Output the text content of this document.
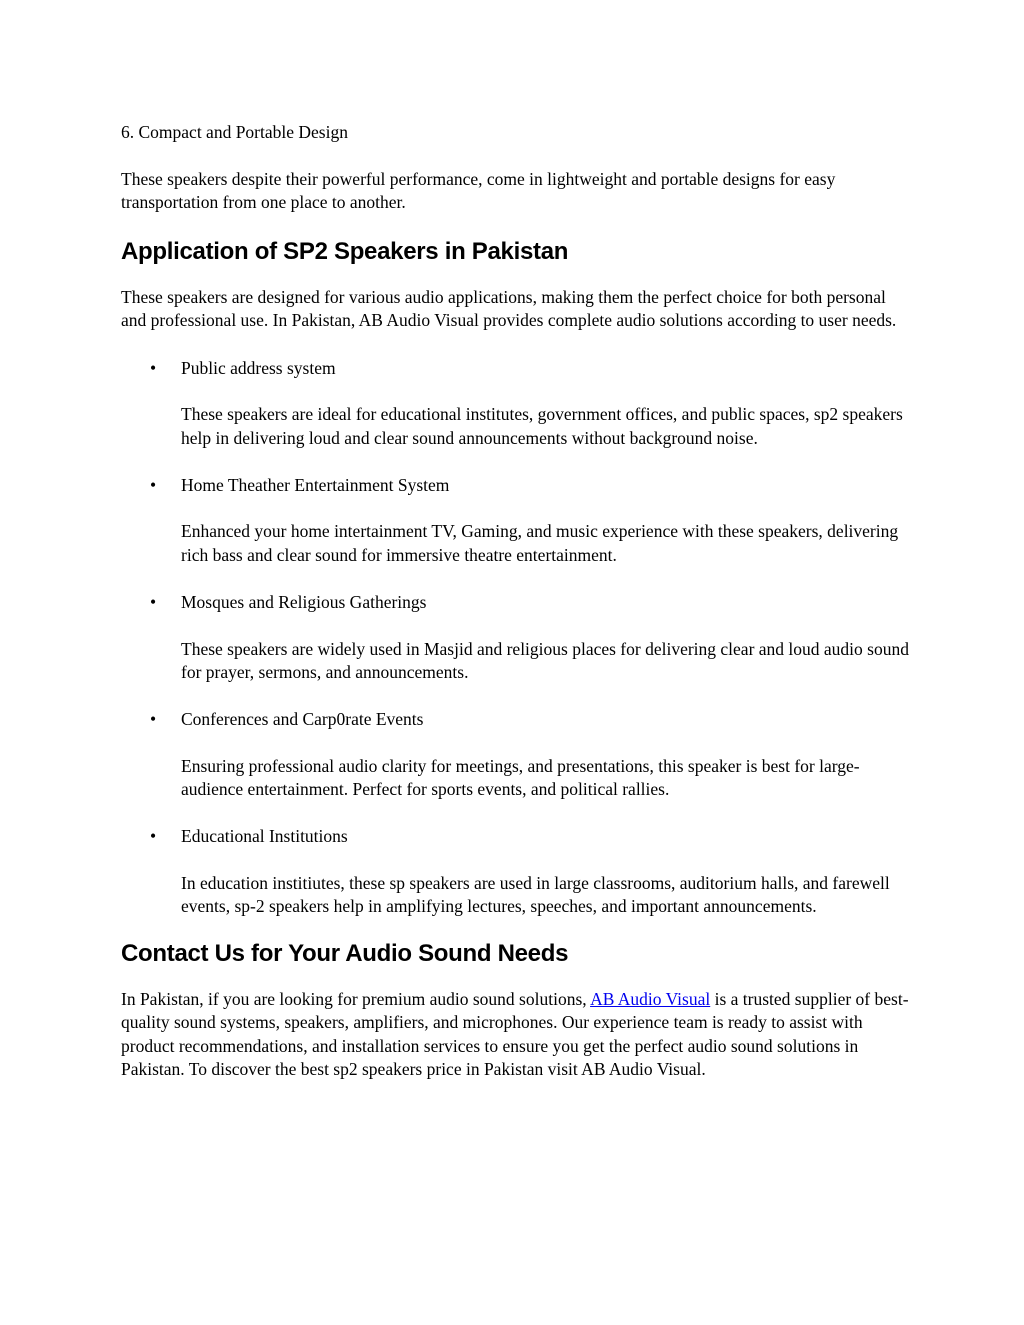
6. Compact and Portable Design

These speakers despite their powerful performance, come in lightweight and portable designs for easy transportation from one place to another.

Application of SP2 Speakers in Pakistan

These speakers are designed for various audio applications, making them the perfect choice for both personal and professional use. In Pakistan, AB Audio Visual provides complete audio solutions according to user needs.

• Public address system

These speakers are ideal for educational institutes, government offices, and public spaces, sp2 speakers help in delivering loud and clear sound announcements without background noise.

• Home Theather Entertainment System

Enhanced your home intertainment TV, Gaming, and music experience with these speakers, delivering rich bass and clear sound for immersive theatre entertainment.

• Mosques and Religious Gatherings

These speakers are widely used in Masjid and religious places for delivering clear and loud audio sound for prayer, sermons, and announcements.

• Conferences and Carp0rate Events

Ensuring professional audio clarity for meetings, and presentations, this speaker is best for large-audience entertainment. Perfect for sports events, and political rallies.

• Educational Institutions

In education institiutes, these sp speakers are used in large classrooms, auditorium halls, and farewell events, sp-2 speakers help in amplifying lectures, speeches, and important announcements.

Contact Us for Your Audio Sound Needs

In Pakistan, if you are looking for premium audio sound solutions, AB Audio Visual is a trusted supplier of best-quality sound systems, speakers, amplifiers, and microphones. Our experience team is ready to assist with product recommendations, and installation services to ensure you get the perfect audio sound solutions in Pakistan. To discover the best sp2 speakers price in Pakistan visit AB Audio Visual.
